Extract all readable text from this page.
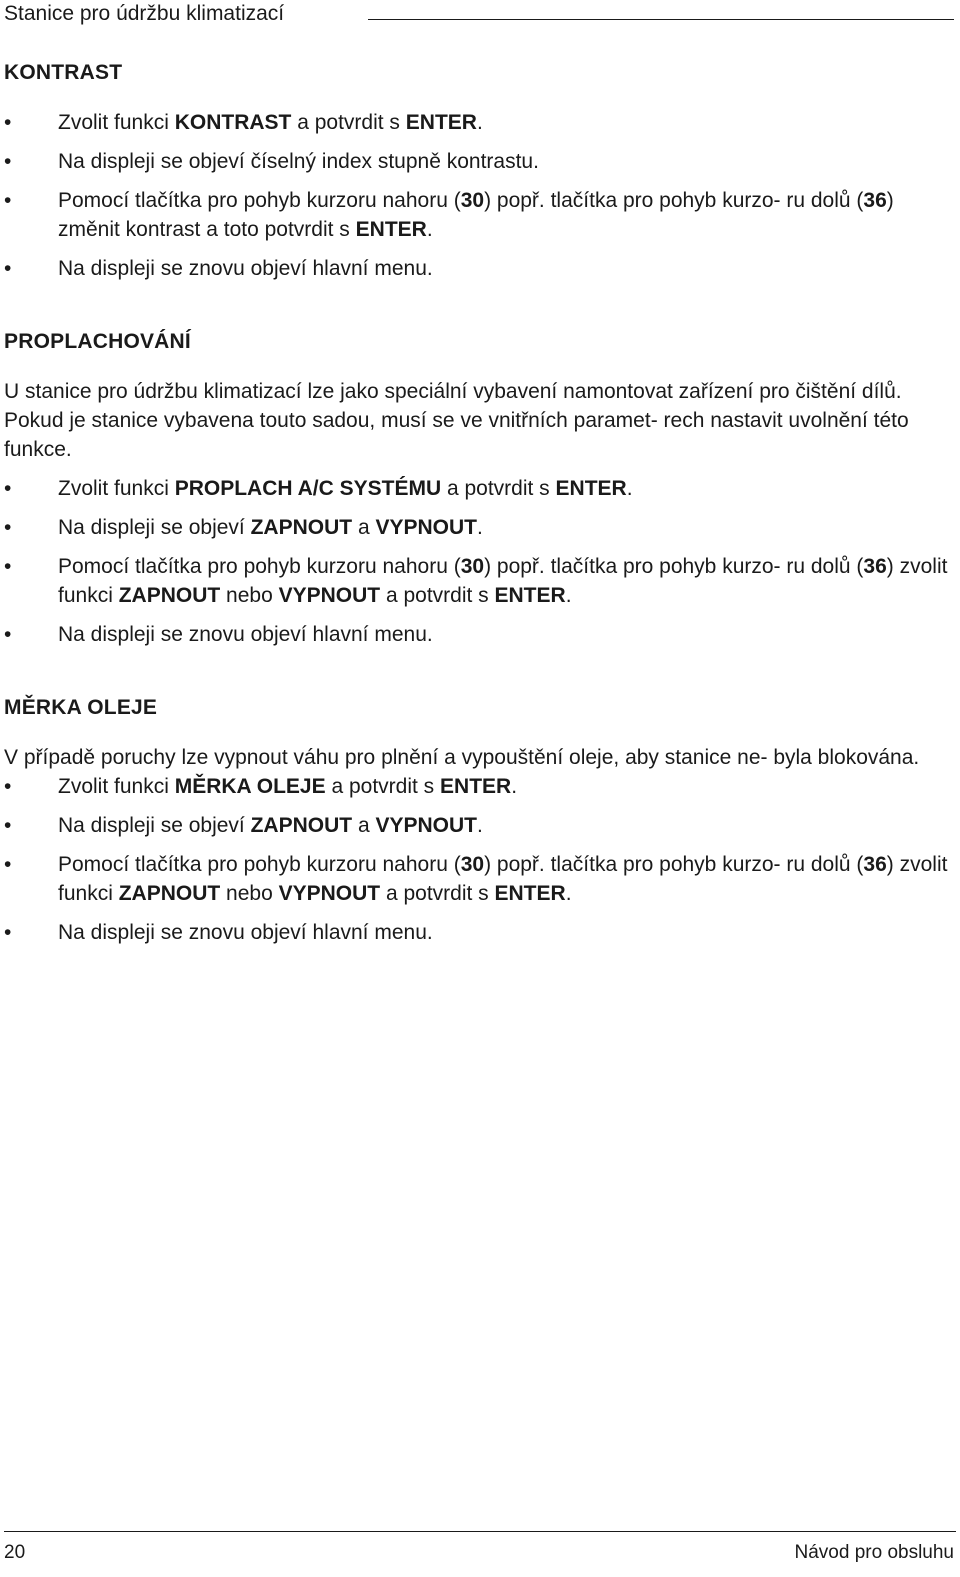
Stanice pro údržbu klimatizací
KONTRAST
• Zvolit funkci KONTRAST a potvrdit s ENTER.
• Na displeji se objeví číselný index stupně kontrastu.
• Pomocí tlačítka pro pohyb kurzoru nahoru (30) popř. tlačítka pro pohyb kurzo- ru dolů (36) změnit kontrast a toto potvrdit s ENTER.
• Na displeji se znovu objeví hlavní menu.
PROPLACHOVÁNÍ

U stanice pro údržbu klimatizací lze jako speciální vybavení namontovat zařízení pro čištění dílů. Pokud je stanice vybavena touto sadou, musí se ve vnitřních paramet- rech nastavit uvolnění této funkce.

• Zvolit funkci PROPLACH A/C SYSTÉMU a potvrdit s ENTER.
• Na displeji se objeví ZAPNOUT a VYPNOUT.
• Pomocí tlačítka pro pohyb kurzoru nahoru (30) popř. tlačítka pro pohyb kurzo- ru dolů (36) zvolit funkci ZAPNOUT nebo VYPNOUT a potvrdit s ENTER.
• Na displeji se znovu objeví hlavní menu.
MĚRKA OLEJE

V případě poruchy lze vypnout váhu pro plnění a vypouštění oleje, aby stanice ne- byla blokována.

• Zvolit funkci MĚRKA OLEJE a potvrdit s ENTER.
• Na displeji se objeví ZAPNOUT a VYPNOUT.
• Pomocí tlačítka pro pohyb kurzoru nahoru (30) popř. tlačítka pro pohyb kurzo- ru dolů (36) zvolit funkci ZAPNOUT nebo VYPNOUT a potvrdit s ENTER.
• Na displeji se znovu objeví hlavní menu.
20	Návod pro obsluhu
